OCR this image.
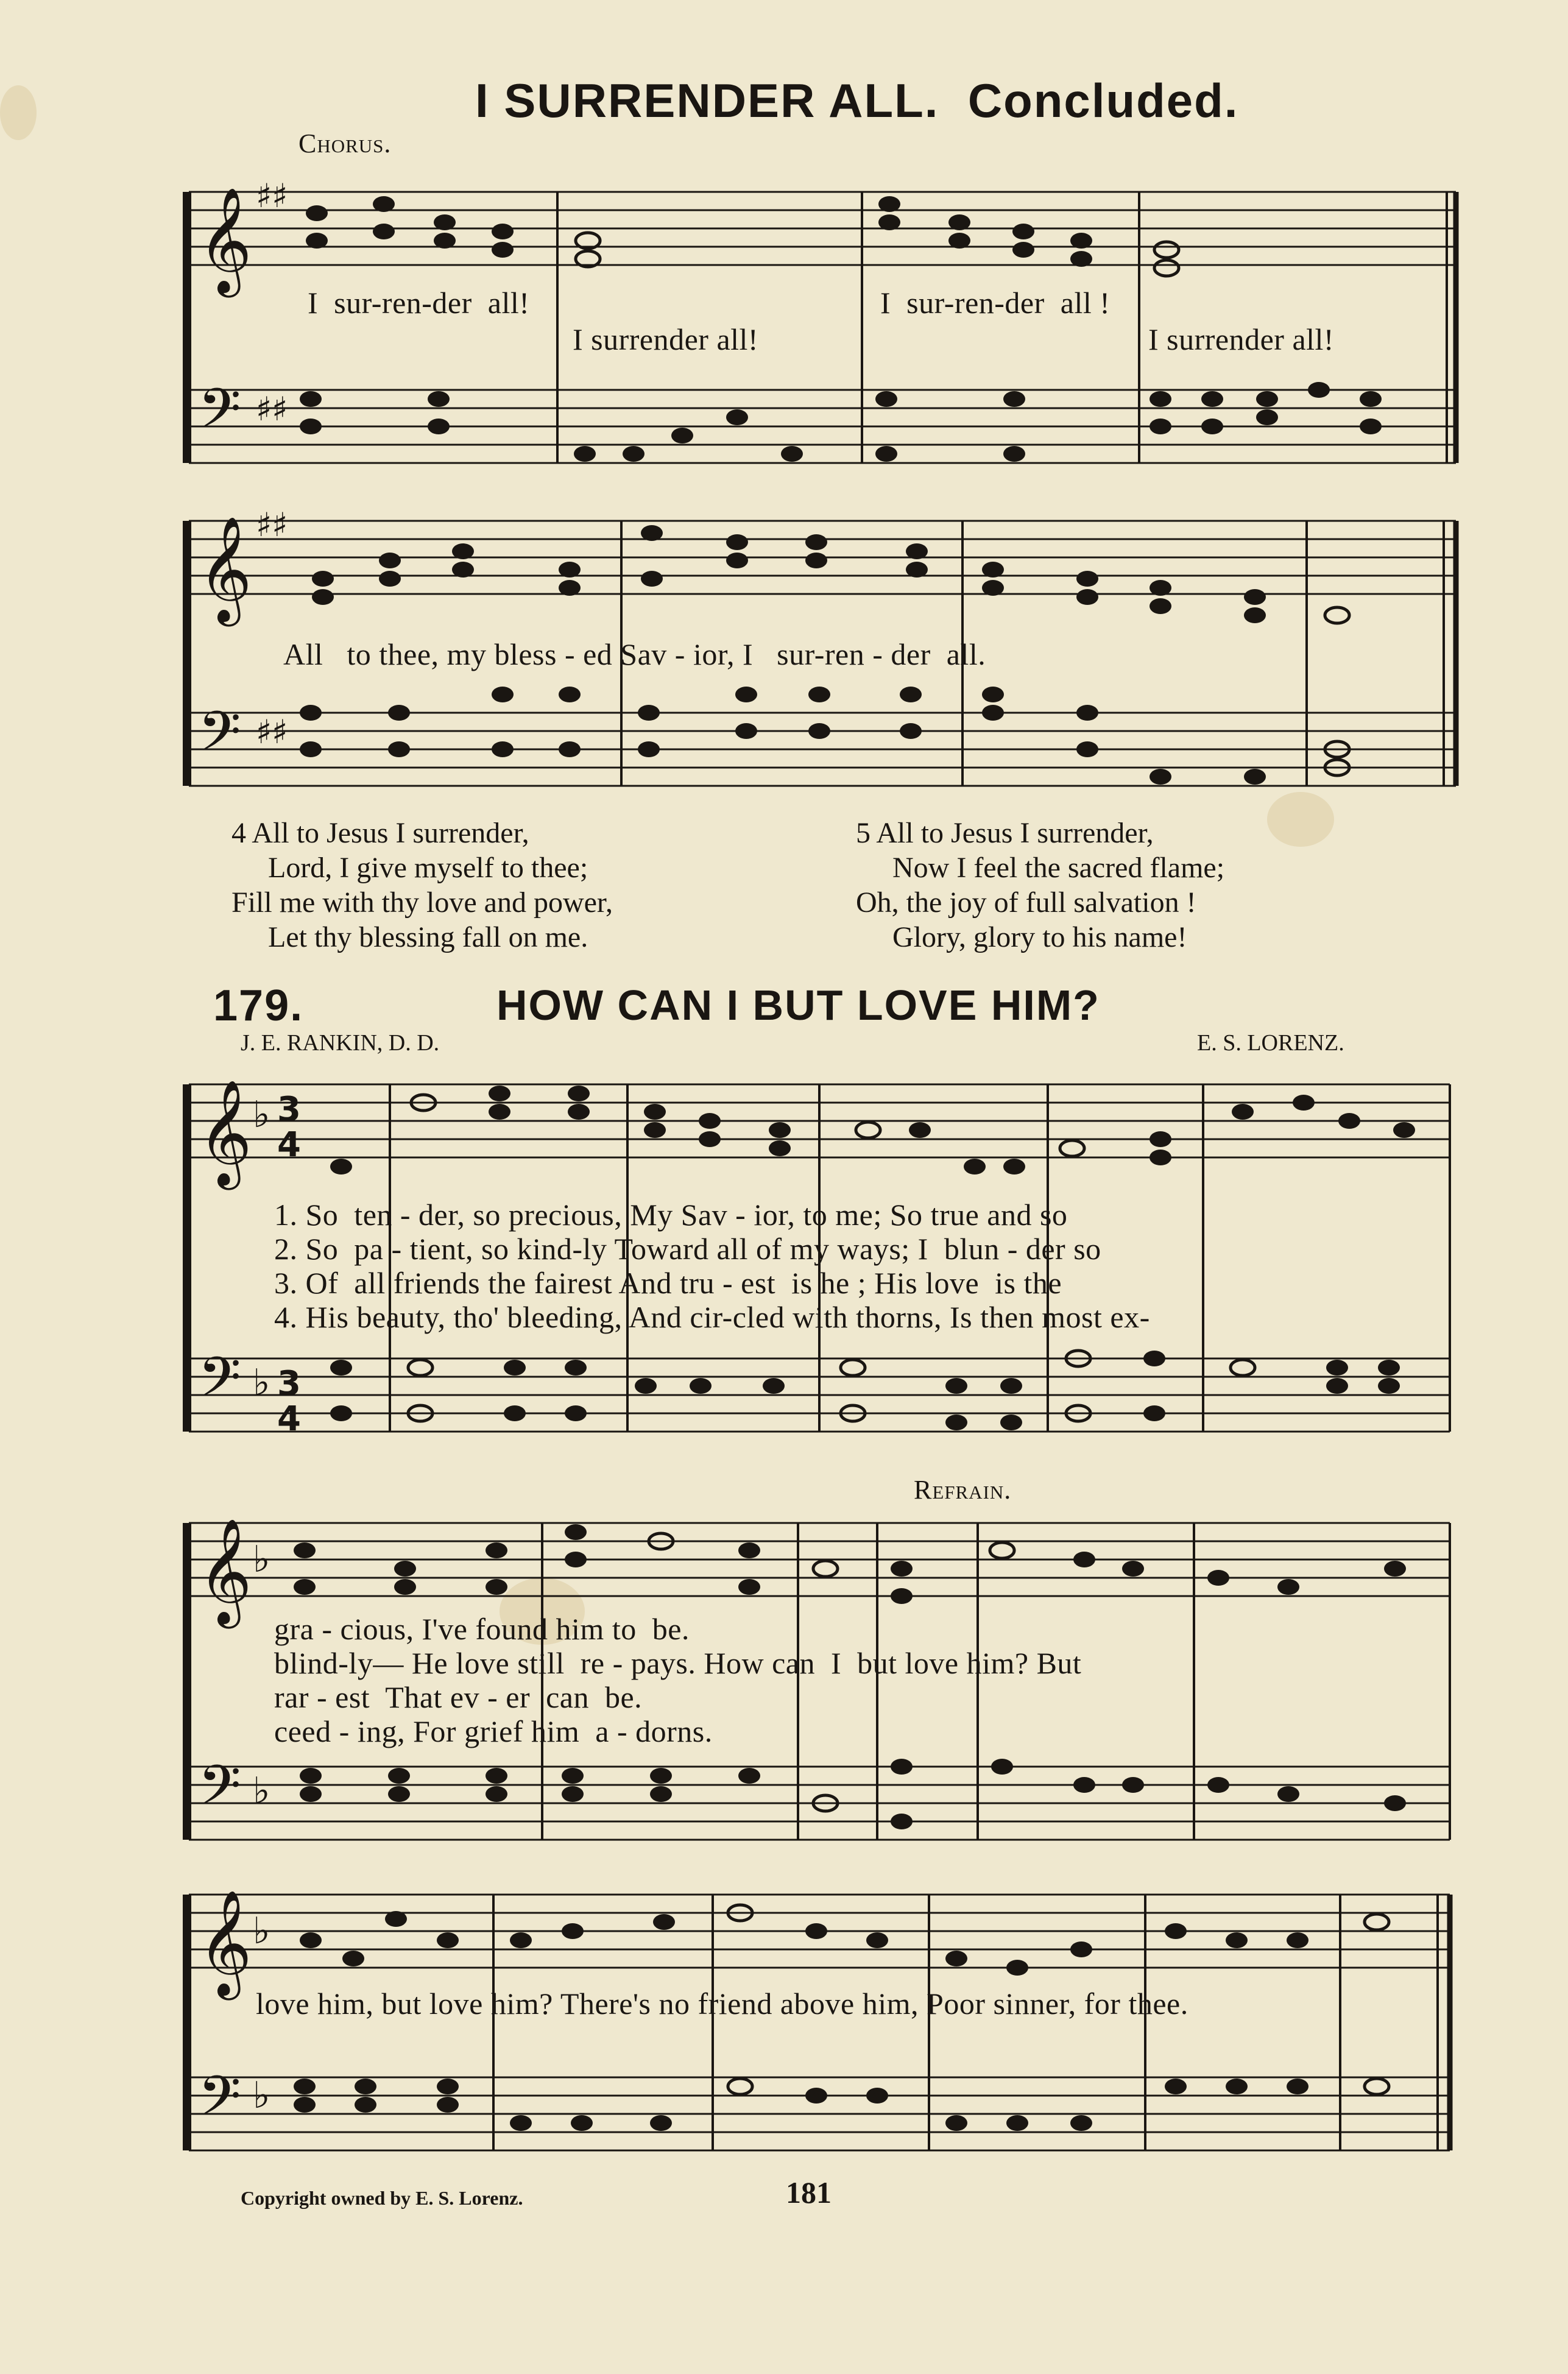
I SURRENDER ALL. Concluded.
Chorus.
𝄞
𝄢
𝄞
𝄢
𝄞
𝄢
𝄞
𝄢
𝄞
𝄢
♯♯
♯♯
♯♯
♯♯
♭
♭
♭
♭
♭
♭
3
4
3
4
I sur-ren-der all!	I sur-ren-der all !
I surrender all!	I surrender all!
All   to thee, my bless - ed Sav - ior, I   sur-ren - der  all.
4 All to Jesus I surrender,
Lord, I give myself to thee;
Fill me with thy love and power,
Let thy blessing fall on me.
5 All to Jesus I surrender,
Now I feel the sacred flame;
Oh, the joy of full salvation !
Glory, glory to his name!
179.	HOW CAN I BUT LOVE HIM?
J. E. RANKIN, D. D.	E. S. LORENZ.
1. So  ten - der, so precious, My Sav - ior, to me; So true and so
2. So  pa - tient, so kind-ly Toward all of my ways; I  blun - der so
3. Of  all friends the fairest And tru - est  is he ; His love  is the
4. His beauty, tho' bleeding, And cir-cled with thorns, Is then most ex-
Refrain.
gra - cious, I've found him to  be.
blind-ly— He love still  re - pays. How can  I  but love him? But
rar - est  That ev - er  can  be.
ceed - ing, For grief him  a - dorns.
love him, but love him? There's no friend above him, Poor sinner, for thee.
Copyright owned by E. S. Lorenz.	181
